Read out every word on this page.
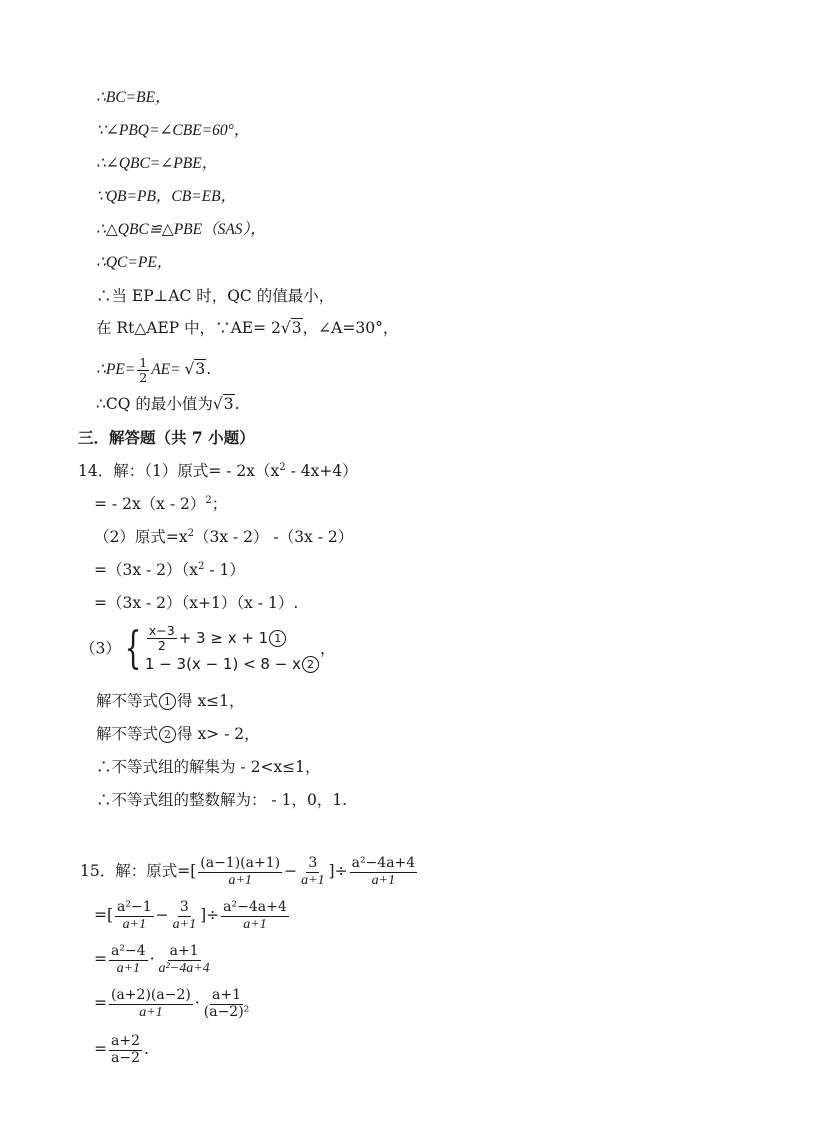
∴BC=BE，
∵∠PBQ=∠CBE=60°，
∴∠QBC=∠PBE，
∵QB=PB，CB=EB，
∴△QBC≌△PBE（SAS），
∴QC=PE，
∴当 EP⊥AC 时，QC 的值最小，
在 Rt△AEP 中，∵AE= 2√3，∠A=30°，
∴PE= $\frac{1}{2} AE= √3$.
∴CQ 的最小值为√3.
三．解答题（共 7 小题）
14．解：（1）原式= - $2x(x^2 - 4x+4)$
= - 2x（x - 2）$^2$；
（2）原式$=x^2(3x - 2)$ -（3x - 2）
$=(3x - 2)(x^2 - 1)$
=（3x - 2）（x+1）（x - 1）.
（3） { $\frac{x-3}{2} + 3 \ge x + 1$ 1
1 − 3(x − 1) < 8 − x 2
，
解不等式 1 得 x≤1，
解不等式 2 得 x> - 2，
∴不等式组的解集为 - 2<x≤1，
∴不等式组的整数解为： - 1，0，1.
15．解：原式=[ $\frac{(a-1)(a+1)}{a+1} - \frac{3}{a+1}$ ]÷ $\frac{\text{a²−4a+4}}{a+1}$
=[ $\frac{\text{a²−1}}{a+1} - \frac{3}{a+1}$ ]÷ $\frac{\text{a²−4a+4}}{a+1}$
= $\frac{\text{a²−4}}{a+1} \cdot \frac{a+1}{\text{a²−4a+4}}$
= $\frac{(a+2)(a-2)}{a+1} \cdot \frac{a+1}{\text{(a−2)²}}$
= $\frac{a+2}{a-2}$ .
